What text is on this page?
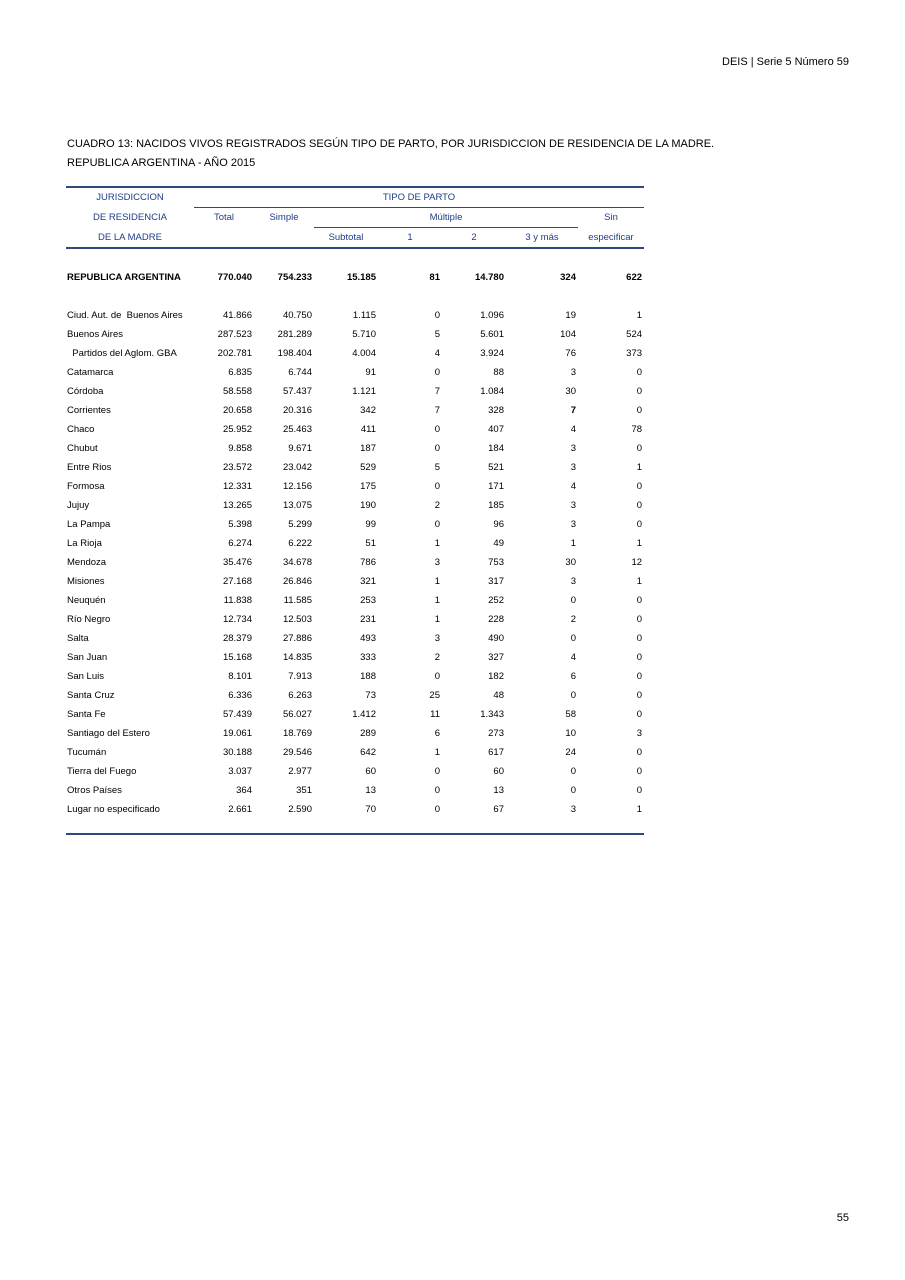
DEIS | Serie 5 Número 59
CUADRO 13: NACIDOS VIVOS REGISTRADOS SEGÚN TIPO DE PARTO, POR JURISDICCION DE RESIDENCIA DE LA MADRE.
REPUBLICA ARGENTINA - AÑO 2015
JURISDICCION	TIPO DE PARTO						
DE RESIDENCIA	Total	Simple	Múltiple				Sin
DE LA MADRE			Subtotal	1	2	3 y más	especificar

REPUBLICA ARGENTINA	770.040	754.233	15.185	81	14.780	324	622

Ciud. Aut. de  Buenos Aires	41.866	40.750	1.115	0	1.096	19	1
Buenos Aires	287.523	281.289	5.710	5	5.601	104	524
Partidos del Aglom. GBA	202.781	198.404	4.004	4	3.924	76	373
Catamarca	6.835	6.744	91	0	88	3	0
Córdoba	58.558	57.437	1.121	7	1.084	30	0
Corrientes	20.658	20.316	342	7	328	7	0
Chaco	25.952	25.463	411	0	407	4	78
Chubut	9.858	9.671	187	0	184	3	0
Entre Rios	23.572	23.042	529	5	521	3	1
Formosa	12.331	12.156	175	0	171	4	0
Jujuy	13.265	13.075	190	2	185	3	0
La Pampa	5.398	5.299	99	0	96	3	0
La Rioja	6.274	6.222	51	1	49	1	1
Mendoza	35.476	34.678	786	3	753	30	12
Misiones	27.168	26.846	321	1	317	3	1
Neuquén	11.838	11.585	253	1	252	0	0
Río Negro	12.734	12.503	231	1	228	2	0
Salta	28.379	27.886	493	3	490	0	0
San Juan	15.168	14.835	333	2	327	4	0
San Luis	8.101	7.913	188	0	182	6	0
Santa Cruz	6.336	6.263	73	25	48	0	0
Santa Fe	57.439	56.027	1.412	11	1.343	58	0
Santiago del Estero	19.061	18.769	289	6	273	10	3
Tucumán	30.188	29.546	642	1	617	24	0
Tierra del Fuego	3.037	2.977	60	0	60	0	0
Otros Países	364	351	13	0	13	0	0
Lugar no especificado	2.661	2.590	70	0	67	3	1

55
